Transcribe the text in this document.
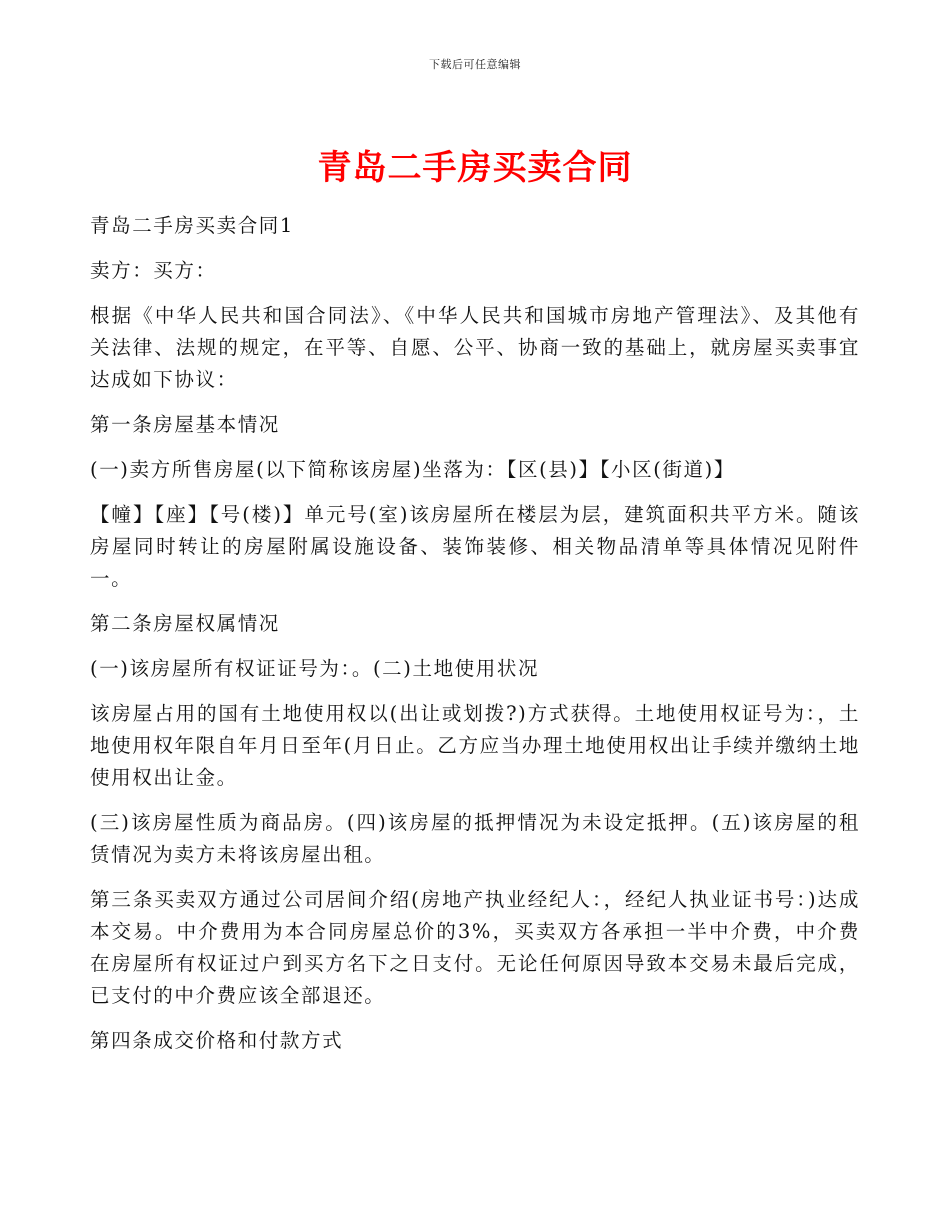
下载后可任意编辑
青岛二手房买卖合同

青岛二手房买卖合同1

卖方：买方：

根据《中华人民共和国合同法》、《中华人民共和国城市房地产管理法》、及其他有关法律、法规的规定，在平等、自愿、公平、协商一致的基础上，就房屋买卖事宜达成如下协议：

第一条房屋基本情况

(一)卖方所售房屋(以下简称该房屋)坐落为：【区(县)】【小区(街道)】

【幢】【座】【号(楼)】单元号(室)该房屋所在楼层为层，建筑面积共平方米。随该房屋同时转让的房屋附属设施设备、装饰装修、相关物品清单等具体情况见附件一。

第二条房屋权属情况

(一)该房屋所有权证证号为：。(二)土地使用状况

该房屋占用的国有土地使用权以(出让或划拨?)方式获得。土地使用权证号为：，土地使用权年限自年月日至年(月日止。乙方应当办理土地使用权出让手续并缴纳土地使用权出让金。

(三)该房屋性质为商品房。(四)该房屋的抵押情况为未设定抵押。(五)该房屋的租赁情况为卖方未将该房屋出租。

第三条买卖双方通过公司居间介绍(房地产执业经纪人：，经纪人执业证书号：)达成本交易。中介费用为本合同房屋总价的3%，买卖双方各承担一半中介费，中介费在房屋所有权证过户到买方名下之日支付。无论任何原因导致本交易未最后完成，已支付的中介费应该全部退还。

第四条成交价格和付款方式
